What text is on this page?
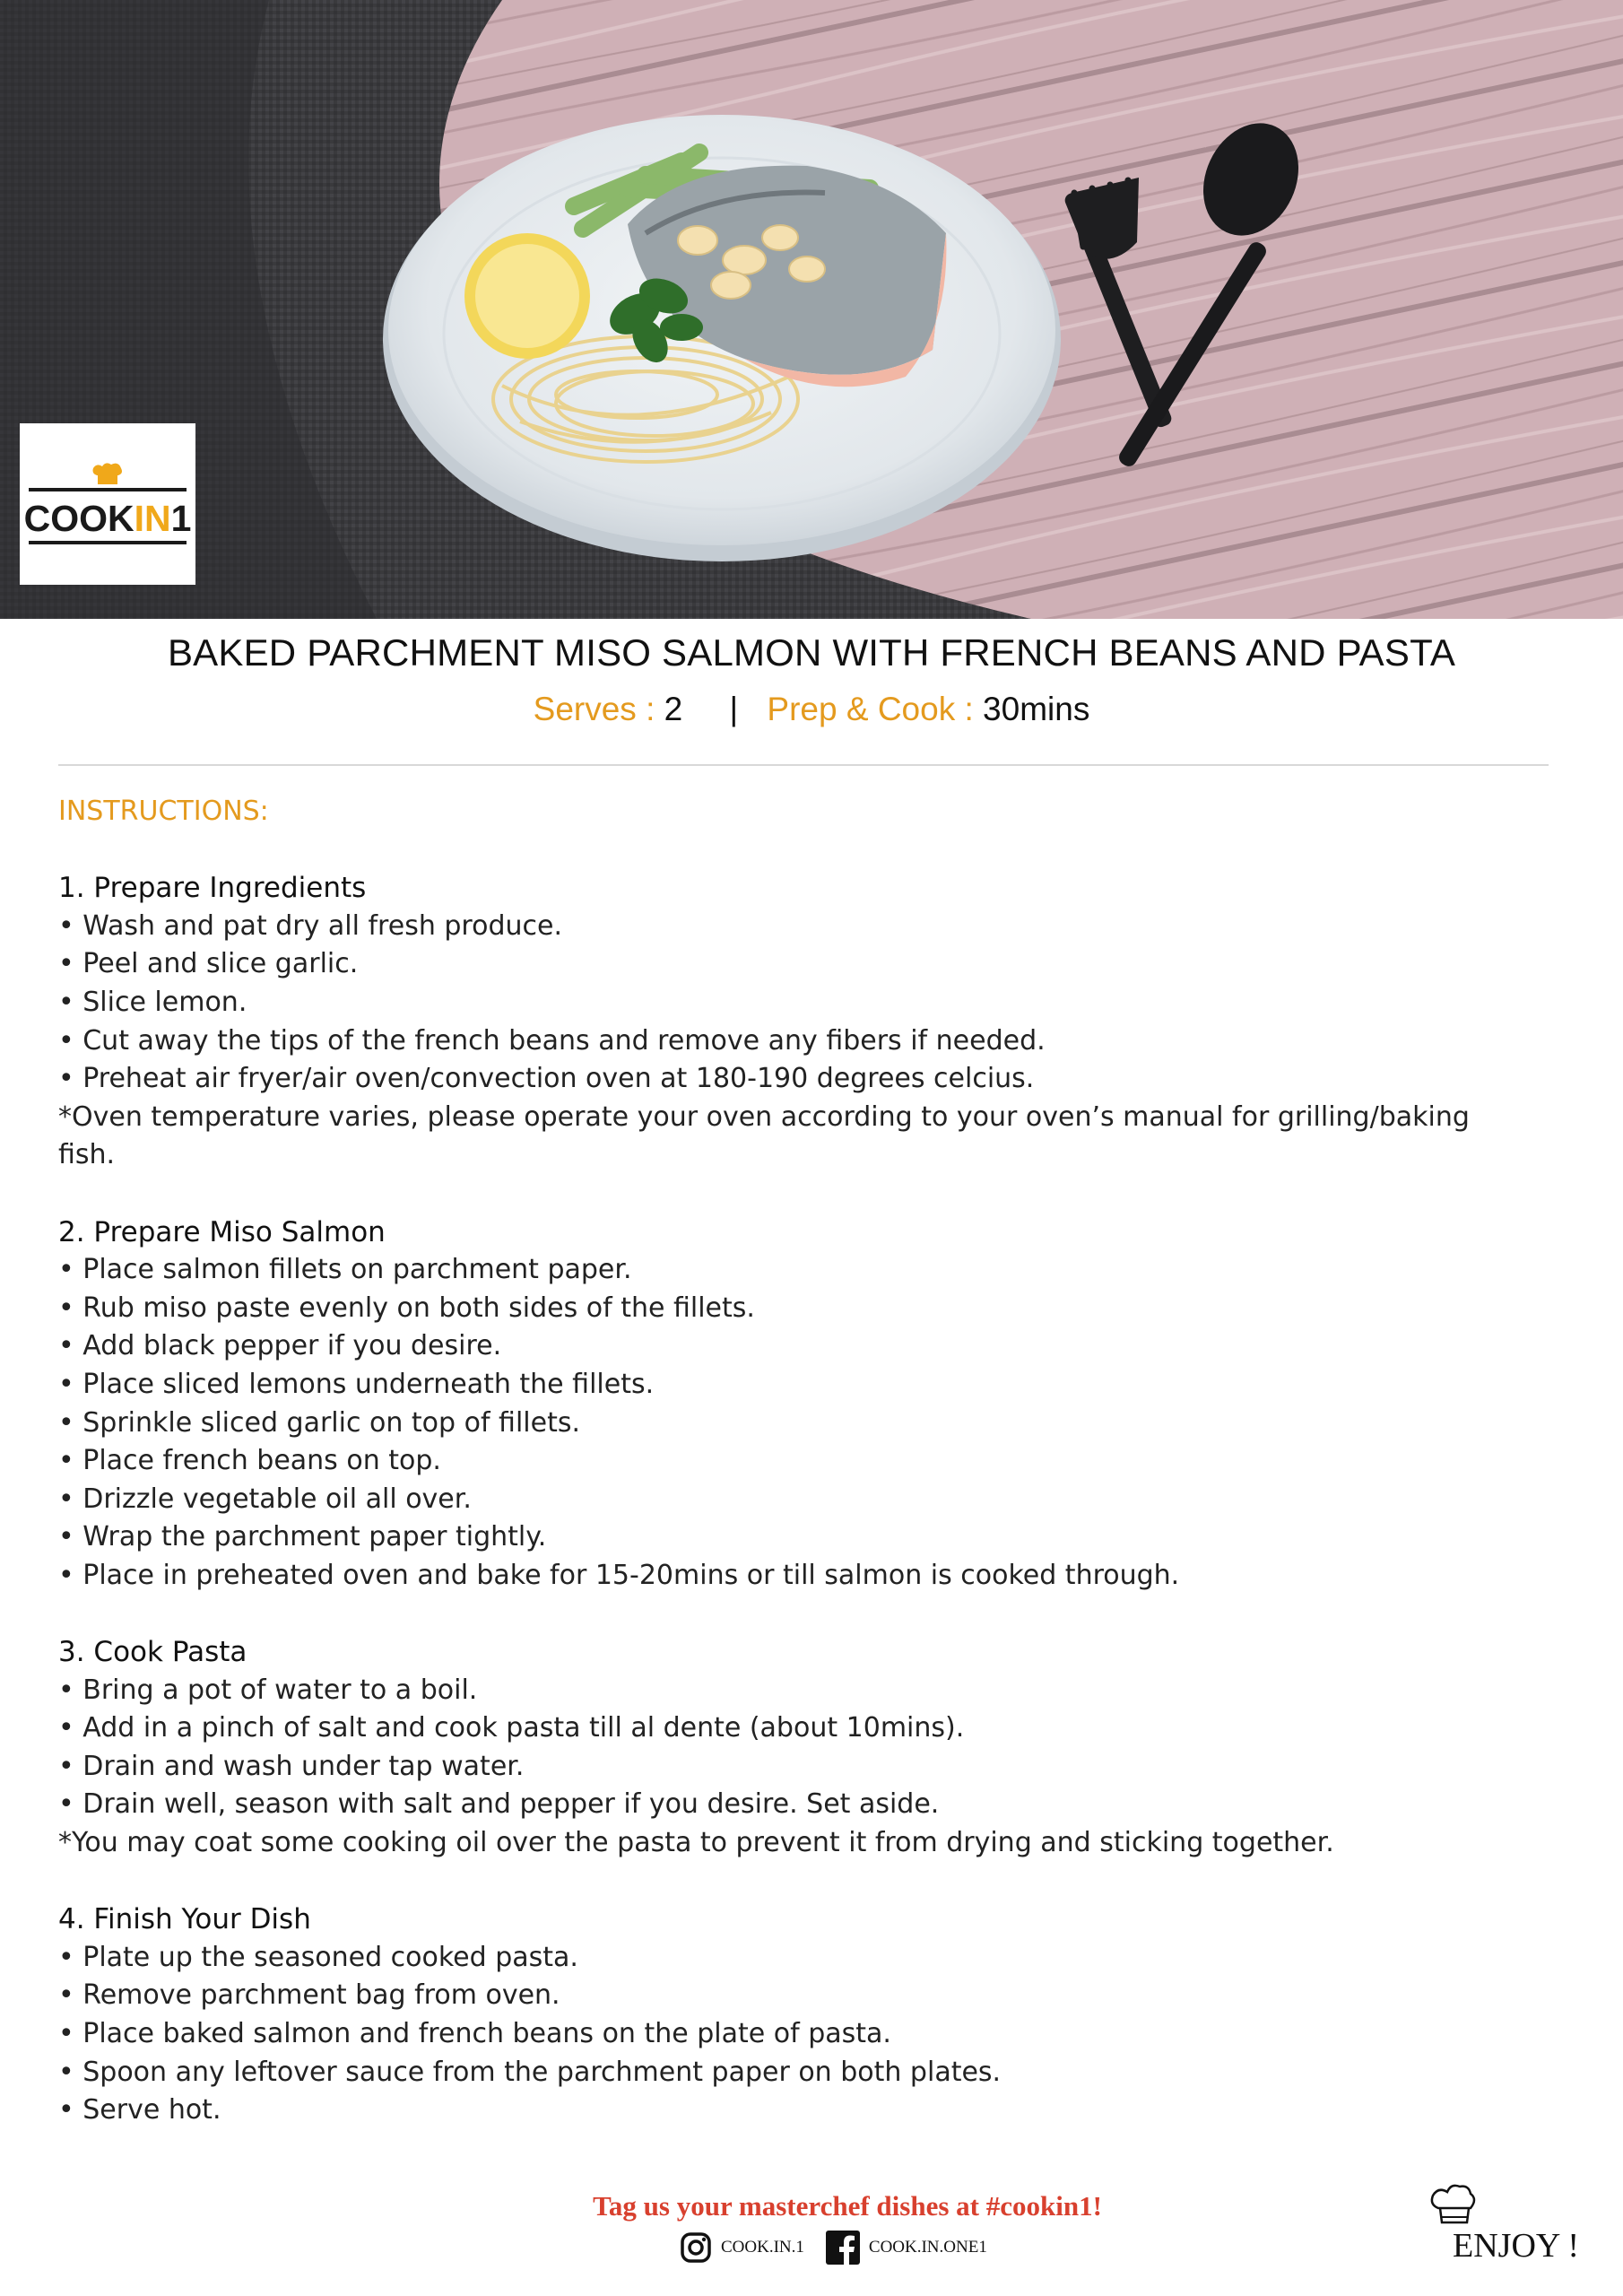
COOKIN1
BAKED PARCHMENT MISO SALMON WITH FRENCH BEANS AND PASTA
Serves : 2 | Prep & Cook : 30mins

INSTRUCTIONS:

1. Prepare Ingredients

• Wash and pat dry all fresh produce.

• Peel and slice garlic.

• Slice lemon.

• Cut away the tips of the french beans and remove any fibers if needed.

• Preheat air fryer/air oven/convection oven at 180-190 degrees celcius.

*Oven temperature varies, please operate your oven according to your oven’s manual for grilling/baking

fish.

2. Prepare Miso Salmon

• Place salmon fillets on parchment paper.

• Rub miso paste evenly on both sides of the fillets.

• Add black pepper if you desire.

• Place sliced lemons underneath the fillets.

• Sprinkle sliced garlic on top of fillets.

• Place french beans on top.

• Drizzle vegetable oil all over.

• Wrap the parchment paper tightly.

• Place in preheated oven and bake for 15-20mins or till salmon is cooked through.

3. Cook Pasta

• Bring a pot of water to a boil.

• Add in a pinch of salt and cook pasta till al dente (about 10mins).

• Drain and wash under tap water.

• Drain well, season with salt and pepper if you desire. Set aside.

*You may coat some cooking oil over the pasta to prevent it from drying and sticking together.

4. Finish Your Dish

• Plate up the seasoned cooked pasta.

• Remove parchment bag from oven.

• Place baked salmon and french beans on the plate of pasta.

• Spoon any leftover sauce from the parchment paper on both plates.

• Serve hot.

Tag us your masterchef dishes at #cookin1!
COOK.IN.1	COOK.IN.ONE1	ENJOY !
